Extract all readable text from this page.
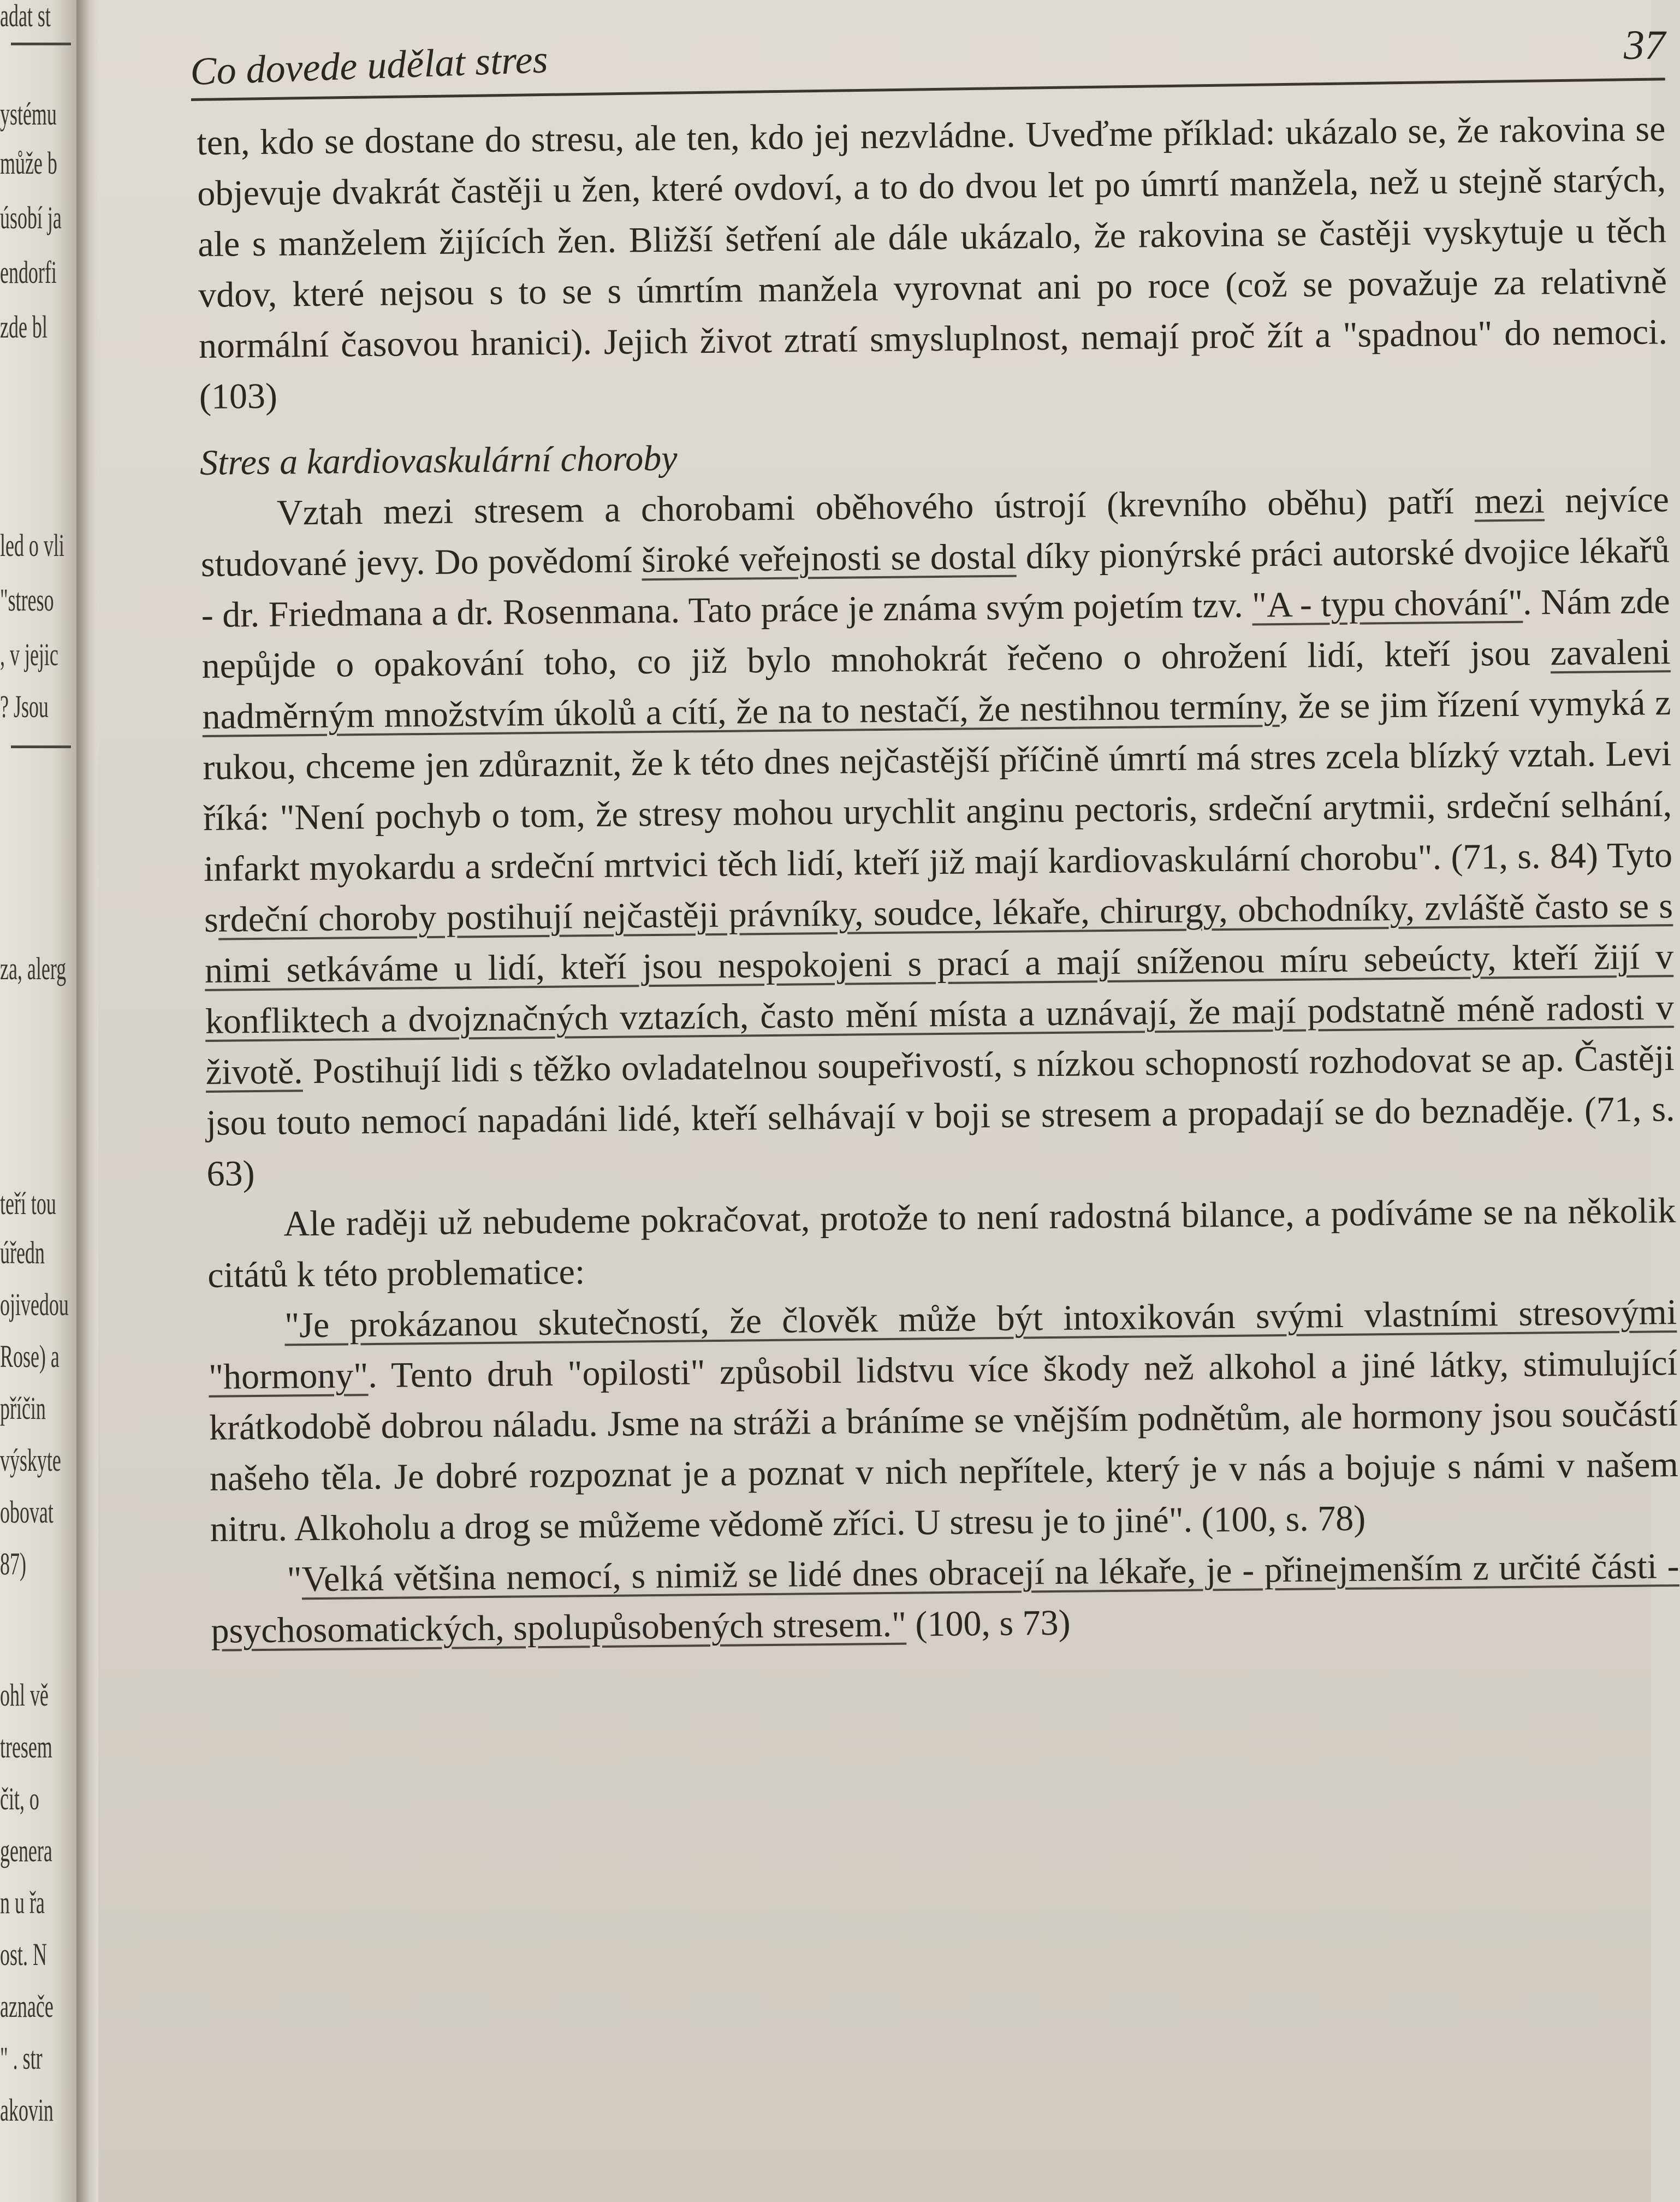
adat st
ystému
může b
úsobí ja
endorfi
zde bl
led o vli
"streso
, v jejic
? Jsou
za, alerg
teří tou
úředn
ojivedou
Rose) a
příčin
výskyte
obovat
87)
ohl vě
tresem
čit, o
genera
n u řa
ost. N
aznače
" . str
akovin
Co dovede udělat stres	37

ten, kdo se dostane do stresu, ale ten, kdo jej nezvládne. Uveďme příklad: ukázalo se, že rakovina se objevuje dvakrát častěji u žen, které ovdoví, a to do dvou let po úmrtí manžela, než u stejně starých, ale s manželem žijících žen. Bližší šetření ale dále ukázalo, že rakovina se častěji vyskytuje u těch vdov, které nejsou s to se s úmrtím manžela vyrovnat ani po roce (což se považuje za relativně normální časovou hranici). Jejich život ztratí smysluplnost, nemají proč žít a "spadnou" do nemoci. (103)

Stres a kardiovaskulární choroby

Vztah mezi stresem a chorobami oběhového ústrojí (krevního oběhu) patří mezi nejvíce studované jevy. Do povědomí široké veřejnosti se dostal díky pionýrské práci autorské dvojice lékařů - dr. Friedmana a dr. Rosenmana. Tato práce je známa svým pojetím tzv. "A - typu chování". Nám zde nepůjde o opakování toho, co již bylo mnohokrát řečeno o ohrožení lidí, kteří jsou zavaleni nadměrným množstvím úkolů a cítí, že na to nestačí, že nestihnou termíny, že se jim řízení vymyká z rukou, chceme jen zdůraznit, že k této dnes nejčastější příčině úmrtí má stres zcela blízký vztah. Levi říká: "Není pochyb o tom, že stresy mohou urychlit anginu pectoris, srdeční arytmii, srdeční selhání, infarkt myokardu a srdeční mrtvici těch lidí, kteří již mají kardiovaskulární chorobu". (71, s. 84) Tyto srdeční choroby postihují nejčastěji právníky, soudce, lékaře, chirurgy, obchodníky, zvláště často se s nimi setkáváme u lidí, kteří jsou nespokojeni s prací a mají sníženou míru sebeúcty, kteří žijí v konfliktech a dvojznačných vztazích, často mění místa a uznávají, že mají podstatně méně radosti v životě. Postihují lidi s těžko ovladatelnou soupeřivostí, s nízkou schopností rozhodovat se ap. Častěji jsou touto nemocí napadáni lidé, kteří selhávají v boji se stresem a propadají se do beznaděje. (71, s. 63)

Ale raději už nebudeme pokračovat, protože to není radostná bilance, a podíváme se na několik citátů k této problematice:

"Je prokázanou skutečností, že člověk může být intoxikován svými vlastními stresovými "hormony". Tento druh "opilosti" způsobil lidstvu více škody než alkohol a jiné látky, stimulující krátkodobě dobrou náladu. Jsme na stráži a bráníme se vnějším podnětům, ale hormony jsou součástí našeho těla. Je dobré rozpoznat je a poznat v nich nepřítele, který je v nás a bojuje s námi v našem nitru. Alkoholu a drog se můžeme vědomě zříci. U stresu je to jiné". (100, s. 78)

"Velká většina nemocí, s nimiž se lidé dnes obracejí na lékaře, je - přinejmenším z určité části - psychosomatických, spolupůsobených stresem." (100, s 73)
